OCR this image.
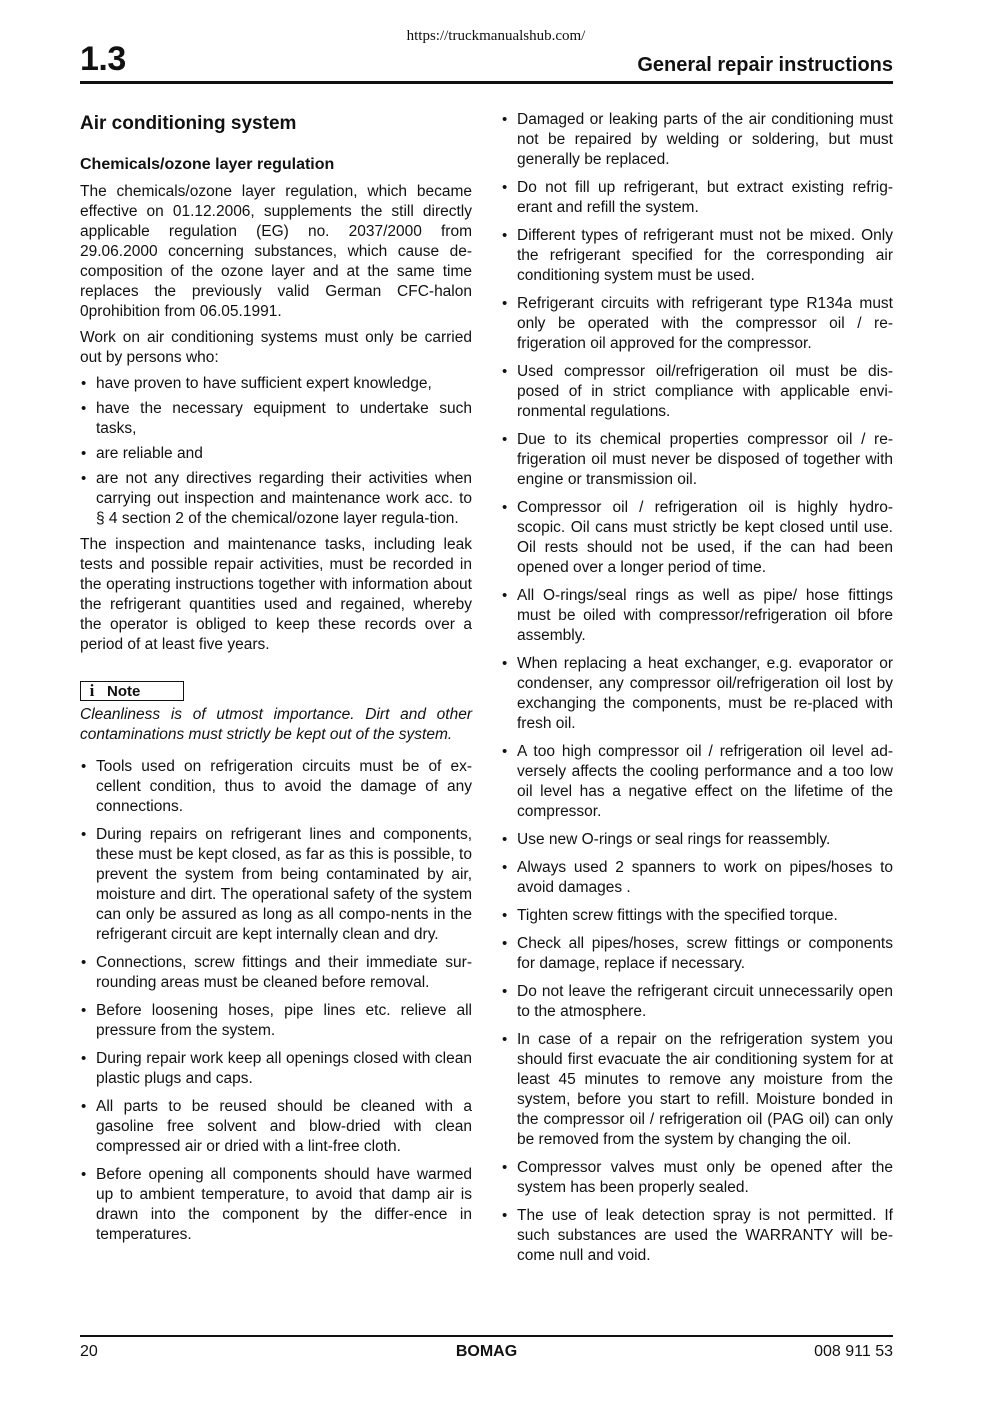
https://truckmanualshub.com/
1.3	General repair instructions
Air conditioning system
Chemicals/ozone layer regulation

The chemicals/ozone layer regulation, which became effective on 01.12.2006, supplements the still directly applicable regulation (EG) no. 2037/2000 from 29.06.2000 concerning substances, which cause de-composition of the ozone layer and at the same time replaces the previously valid German CFC-halon 0prohibition from 06.05.1991.

Work on air conditioning systems must only be carried out by persons who:

• have proven to have sufficient expert knowledge,
• have the necessary equipment to undertake such tasks,
• are reliable and
• are not any directives regarding their activities when carrying out inspection and maintenance work acc. to § 4 section 2 of the chemical/ozone layer regula-tion.

The inspection and maintenance tasks, including leak tests and possible repair activities, must be recorded in the operating instructions together with information about the refrigerant quantities used and regained, whereby the operator is obliged to keep these records over a period of at least five years.

i Note

Cleanliness is of utmost importance. Dirt and other contaminations must strictly be kept out of the system.

• Tools used on refrigeration circuits must be of ex-cellent condition, thus to avoid the damage of any connections.
• During repairs on refrigerant lines and components, these must be kept closed, as far as this is possible, to prevent the system from being contaminated by air, moisture and dirt. The operational safety of the system can only be assured as long as all compo-nents in the refrigerant circuit are kept internally clean and dry.
• Connections, screw fittings and their immediate sur-rounding areas must be cleaned before removal.
• Before loosening hoses, pipe lines etc. relieve all pressure from the system.
• During repair work keep all openings closed with clean plastic plugs and caps.
• All parts to be reused should be cleaned with a gasoline free solvent and blow-dried with clean compressed air or dried with a lint-free cloth.
• Before opening all components should have warmed up to ambient temperature, to avoid that damp air is drawn into the component by the differ-ence in temperatures.
• Damaged or leaking parts of the air conditioning must not be repaired by welding or soldering, but must generally be replaced.
• Do not fill up refrigerant, but extract existing refrig-erant and refill the system.
• Different types of refrigerant must not be mixed. Only the refrigerant specified for the corresponding air conditioning system must be used.
• Refrigerant circuits with refrigerant type R134a must only be operated with the compressor oil / re-frigeration oil approved for the compressor.
• Used compressor oil/refrigeration oil must be dis-posed of in strict compliance with applicable envi-ronmental regulations.
• Due to its chemical properties compressor oil / re-frigeration oil must never be disposed of together with engine or transmission oil.
• Compressor oil / refrigeration oil is highly hydro-scopic. Oil cans must strictly be kept closed until use. Oil rests should not be used, if the can had been opened over a longer period of time.
• All O-rings/seal rings as well as pipe/ hose fittings must be oiled with compressor/refrigeration oil bfore assembly.
• When replacing a heat exchanger, e.g. evaporator or condenser, any compressor oil/refrigeration oil lost by exchanging the components, must be re-placed with fresh oil.
• A too high compressor oil / refrigeration oil level ad-versely affects the cooling performance and a too low oil level has a negative effect on the lifetime of the compressor.
• Use new O-rings or seal rings for reassembly.
• Always used 2 spanners to work on pipes/hoses to avoid damages .
• Tighten screw fittings with the specified torque.
• Check all pipes/hoses, screw fittings or components for damage, replace if necessary.
• Do not leave the refrigerant circuit unnecessarily open to the atmosphere.
• In case of a repair on the refrigeration system you should first evacuate the air conditioning system for at least 45 minutes to remove any moisture from the system, before you start to refill. Moisture bonded in the compressor oil / refrigeration oil (PAG oil) can only be removed from the system by changing the oil.
• Compressor valves must only be opened after the system has been properly sealed.
• The use of leak detection spray is not permitted. If such substances are used the WARRANTY will be-come null and void.
20	BOMAG	008 911 53
